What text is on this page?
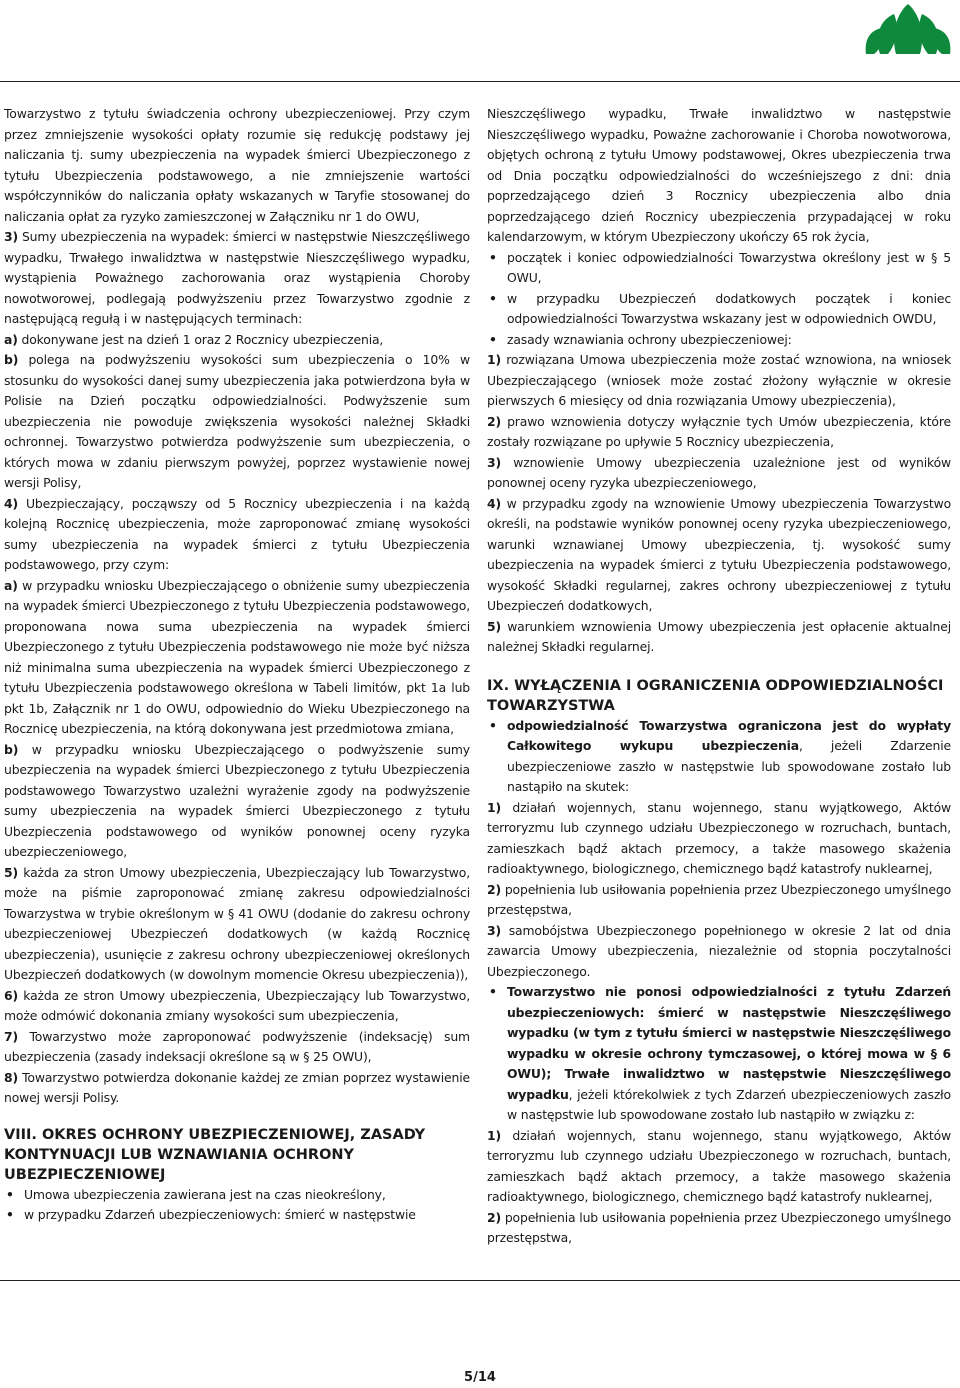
Towarzystwo z tytułu świadczenia ochrony ubezpieczeniowej. Przy czym przez zmniejszenie wysokości opłaty rozumie się redukcję podstawy jej naliczania tj. sumy ubezpieczenia na wypadek śmierci Ubezpieczonego z tytułu Ubezpieczenia podstawowego, a nie zmniejszenie wartości współczynników do naliczania opłaty wskazanych w Taryfie stosowanej do naliczania opłat za ryzyko zamieszczonej w Załączniku nr 1 do OWU,

3) Sumy ubezpieczenia na wypadek: śmierci w następstwie Nieszczęśliwego wypadku, Trwałego inwalidztwa w następstwie Nieszczęśliwego wypadku, wystąpienia Poważnego zachorowania oraz wystąpienia Choroby nowotworowej, podlegają podwyższeniu przez Towarzystwo zgodnie z następującą regułą i w następujących terminach:

a) dokonywane jest na dzień 1 oraz 2 Rocznicy ubezpieczenia,

b) polega na podwyższeniu wysokości sum ubezpieczenia o 10% w stosunku do wysokości danej sumy ubezpieczenia jaka potwierdzona była w Polisie na Dzień początku odpowiedzialności. Podwyższenie sum ubezpieczenia nie powoduje zwiększenia wysokości należnej Składki ochronnej. Towarzystwo potwierdza podwyższenie sum ubezpieczenia, o których mowa w zdaniu pierwszym powyżej, poprzez wystawienie nowej wersji Polisy,

4) Ubezpieczający, począwszy od 5 Rocznicy ubezpieczenia i na każdą kolejną Rocznicę ubezpieczenia, może zaproponować zmianę wysokości sumy ubezpieczenia na wypadek śmierci z tytułu Ubezpieczenia podstawowego, przy czym:

a) w przypadku wniosku Ubezpieczającego o obniżenie sumy ubezpieczenia na wypadek śmierci Ubezpieczonego z tytułu Ubezpieczenia podstawowego, proponowana nowa suma ubezpieczenia na wypadek śmierci Ubezpieczonego z tytułu Ubezpieczenia podstawowego nie może być niższa niż minimalna suma ubezpieczenia na wypadek śmierci Ubezpieczonego z tytułu Ubezpieczenia podstawowego określona w Tabeli limitów, pkt 1a lub pkt 1b, Załącznik nr 1 do OWU, odpowiednio do Wieku Ubezpieczonego na Rocznicę ubezpieczenia, na którą dokonywana jest przedmiotowa zmiana,

b) w przypadku wniosku Ubezpieczającego o podwyższenie sumy ubezpieczenia na wypadek śmierci Ubezpieczonego z tytułu Ubezpieczenia podstawowego Towarzystwo uzależni wyrażenie zgody na podwyższenie sumy ubezpieczenia na wypadek śmierci Ubezpieczonego z tytułu Ubezpieczenia podstawowego od wyników ponownej oceny ryzyka ubezpieczeniowego,

5) każda za stron Umowy ubezpieczenia, Ubezpieczający lub Towarzystwo, może na piśmie zaproponować zmianę zakresu odpowiedzialności Towarzystwa w trybie określonym w § 41 OWU (dodanie do zakresu ochrony ubezpieczeniowej Ubezpieczeń dodatkowych (w każdą Rocznicę ubezpieczenia), usunięcie z zakresu ochrony ubezpieczeniowej określonych Ubezpieczeń dodatkowych (w dowolnym momencie Okresu ubezpieczenia)),

6) każda ze stron Umowy ubezpieczenia, Ubezpieczający lub Towarzystwo, może odmówić dokonania zmiany wysokości sum ubezpieczenia,

7) Towarzystwo może zaproponować podwyższenie (indeksację) sum ubezpieczenia (zasady indeksacji określone są w § 25 OWU),

8) Towarzystwo potwierdza dokonanie każdej ze zmian poprzez wystawienie nowej wersji Polisy.

VIII. OKRES OCHRONY UBEZPIECZENIOWEJ, ZASADY KONTYNUACJI LUB WZNAWIANIA OCHRONY UBEZPIECZENIOWEJ

• Umowa ubezpieczenia zawierana jest na czas nieokreślony,

• w przypadku Zdarzeń ubezpieczeniowych: śmierć w następstwie

Nieszczęśliwego wypadku, Trwałe inwalidztwo w następstwie Nieszczęśliwego wypadku, Poważne zachorowanie i Choroba nowotworowa, objętych ochroną z tytułu Umowy podstawowej, Okres ubezpieczenia trwa od Dnia początku odpowiedzialności do wcześniejszego z dni: dnia poprzedzającego dzień 3 Rocznicy ubezpieczenia albo dnia poprzedzającego dzień Rocznicy ubezpieczenia przypadającej w roku kalendarzowym, w którym Ubezpieczony ukończy 65 rok życia,

• początek i koniec odpowiedzialności Towarzystwa określony jest w § 5 OWU,

• w przypadku Ubezpieczeń dodatkowych początek i koniec odpowiedzialności Towarzystwa wskazany jest w odpowiednich OWDU,

• zasady wznawiania ochrony ubezpieczeniowej:

1) rozwiązana Umowa ubezpieczenia może zostać wznowiona, na wniosek Ubezpieczającego (wniosek może zostać złożony wyłącznie w okresie pierwszych 6 miesięcy od dnia rozwiązania Umowy ubezpieczenia),

2) prawo wznowienia dotyczy wyłącznie tych Umów ubezpieczenia, które zostały rozwiązane po upływie 5 Rocznicy ubezpieczenia,

3) wznowienie Umowy ubezpieczenia uzależnione jest od wyników ponownej oceny ryzyka ubezpieczeniowego,

4) w przypadku zgody na wznowienie Umowy ubezpieczenia Towarzystwo określi, na podstawie wyników ponownej oceny ryzyka ubezpieczeniowego, warunki wznawianej Umowy ubezpieczenia, tj. wysokość sumy ubezpieczenia na wypadek śmierci z tytułu Ubezpieczenia podstawowego, wysokość Składki regularnej, zakres ochrony ubezpieczeniowej z tytułu Ubezpieczeń dodatkowych,

5) warunkiem wznowienia Umowy ubezpieczenia jest opłacenie aktualnej należnej Składki regularnej.

IX. WYŁĄCZENIA I OGRANICZENIA ODPOWIEDZIALNOŚCI TOWARZYSTWA

• odpowiedzialność Towarzystwa ograniczona jest do wypłaty Całkowitego wykupu ubezpieczenia, jeżeli Zdarzenie ubezpieczeniowe zaszło w następstwie lub spowodowane zostało lub nastąpiło na skutek:

1) działań wojennych, stanu wojennego, stanu wyjątkowego, Aktów terroryzmu lub czynnego udziału Ubezpieczonego w rozruchach, buntach, zamieszkach bądź aktach przemocy, a także masowego skażenia radioaktywnego, biologicznego, chemicznego bądź katastrofy nuklearnej,

2) popełnienia lub usiłowania popełnienia przez Ubezpieczonego umyślnego przestępstwa,

3) samobójstwa Ubezpieczonego popełnionego w okresie 2 lat od dnia zawarcia Umowy ubezpieczenia, niezależnie od stopnia poczytalności Ubezpieczonego.

• Towarzystwo nie ponosi odpowiedzialności z tytułu Zdarzeń ubezpieczeniowych: śmierć w następstwie Nieszczęśliwego wypadku (w tym z tytułu śmierci w następstwie Nieszczęśliwego wypadku w okresie ochrony tymczasowej, o której mowa w § 6 OWU); Trwałe inwalidztwo w następstwie Nieszczęśliwego wypadku, jeżeli którekolwiek z tych Zdarzeń ubezpieczeniowych zaszło w następstwie lub spowodowane zostało lub nastąpiło w związku z:

1) działań wojennych, stanu wojennego, stanu wyjątkowego, Aktów terroryzmu lub czynnego udziału Ubezpieczonego w rozruchach, buntach, zamieszkach bądź aktach przemocy, a także masowego skażenia radioaktywnego, biologicznego, chemicznego bądź katastrofy nuklearnej,

2) popełnienia lub usiłowania popełnienia przez Ubezpieczonego umyślnego przestępstwa,

5/14
